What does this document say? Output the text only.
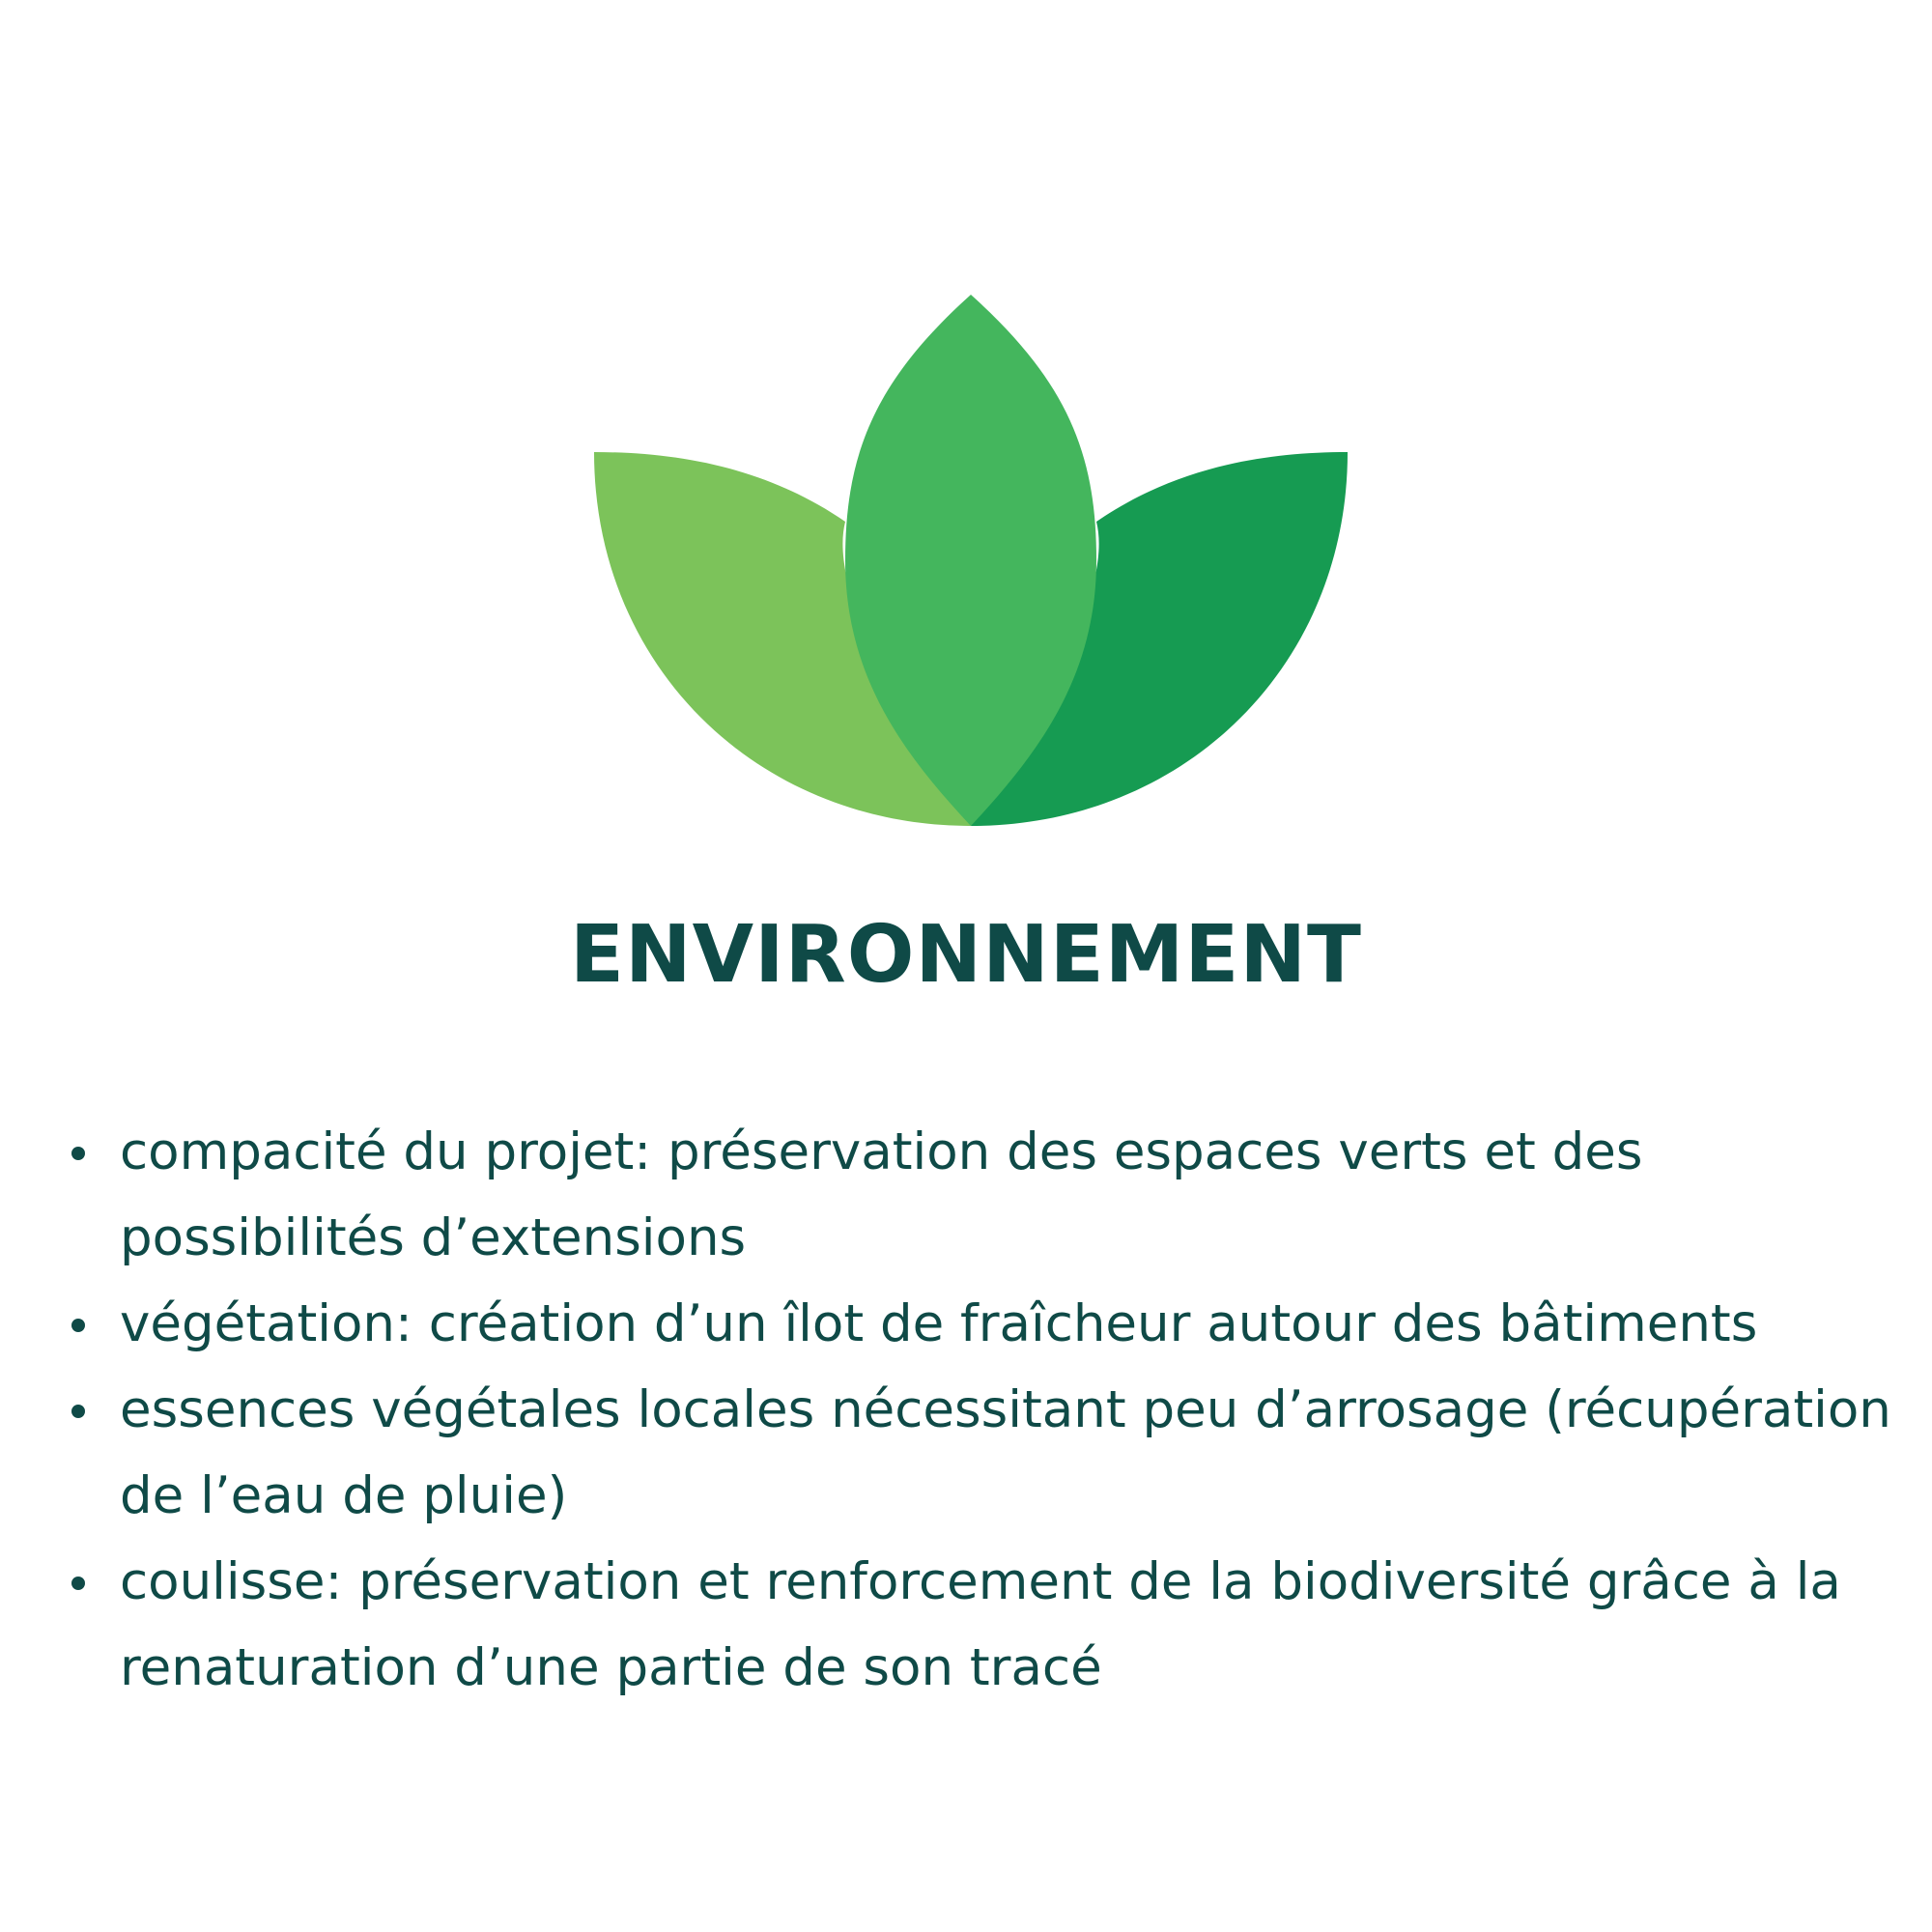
ENVIRONNEMENT
compacité du projet: préservation des espaces verts et des possibilités d’extensions
végétation: création d’un îlot de fraîcheur autour des bâtiments
essences végétales locales nécessitant peu d’arrosage (récupération de l’eau de pluie)
coulisse: préservation et renforcement de la biodiversité grâce à la renaturation d’une partie de son tracé
